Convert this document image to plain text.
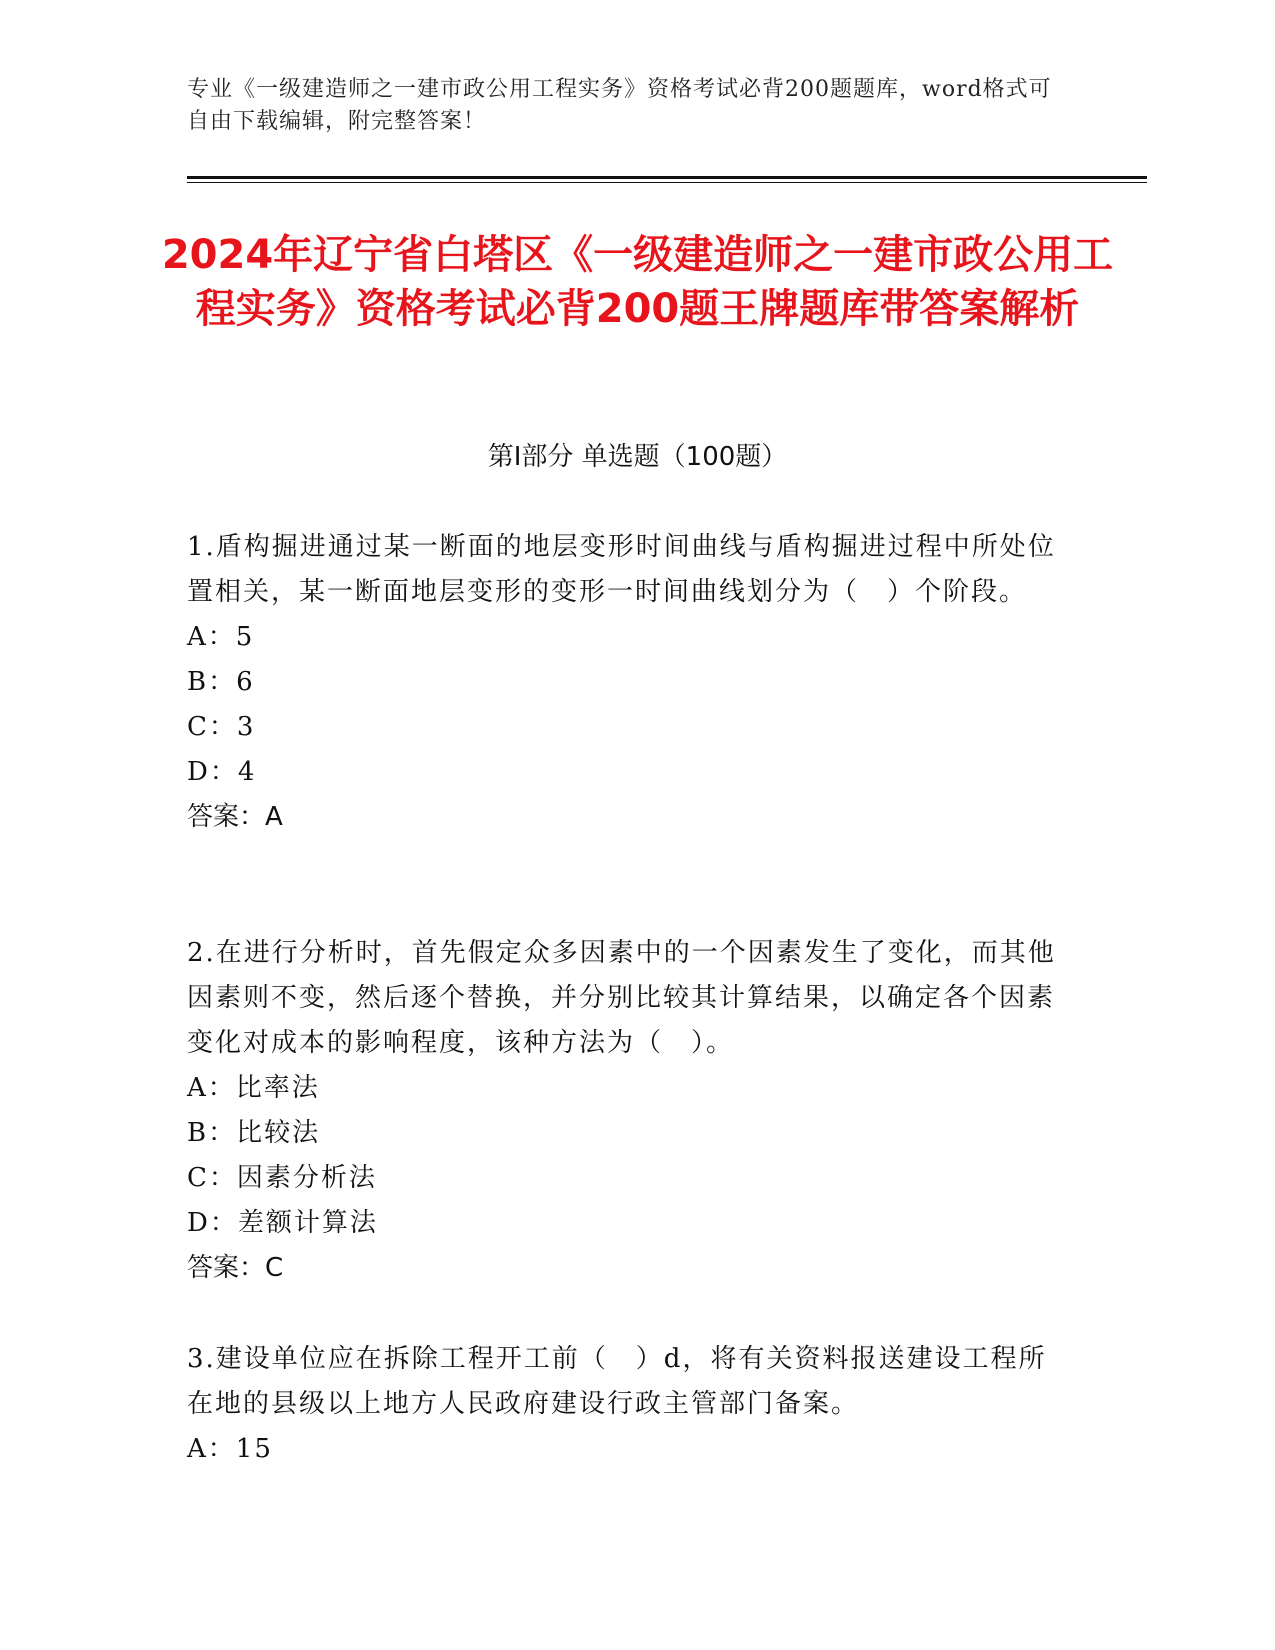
专业《一级建造师之一建市政公用工程实务》资格考试必背200题题库，word格式可自由下载编辑，附完整答案！
2024年辽宁省白塔区《一级建造师之一建市政公用工程实务》资格考试必背200题王牌题库带答案解析
第Ⅰ部分 单选题（100题）

1.盾构掘进通过某一断面的地层变形时间曲线与盾构掘进过程中所处位置相关，某一断面地层变形的变形一时间曲线划分为（　）个阶段。

A：5

B：6

C：3

D：4

答案：A

2.在进行分析时，首先假定众多因素中的一个因素发生了变化，而其他因素则不变，然后逐个替换，并分别比较其计算结果，以确定各个因素变化对成本的影响程度，该种方法为（　）。

A：比率法

B：比较法

C：因素分析法

D：差额计算法

答案：C

3.建设单位应在拆除工程开工前（　）d，将有关资料报送建设工程所在地的县级以上地方人民政府建设行政主管部门备案。

A：15
